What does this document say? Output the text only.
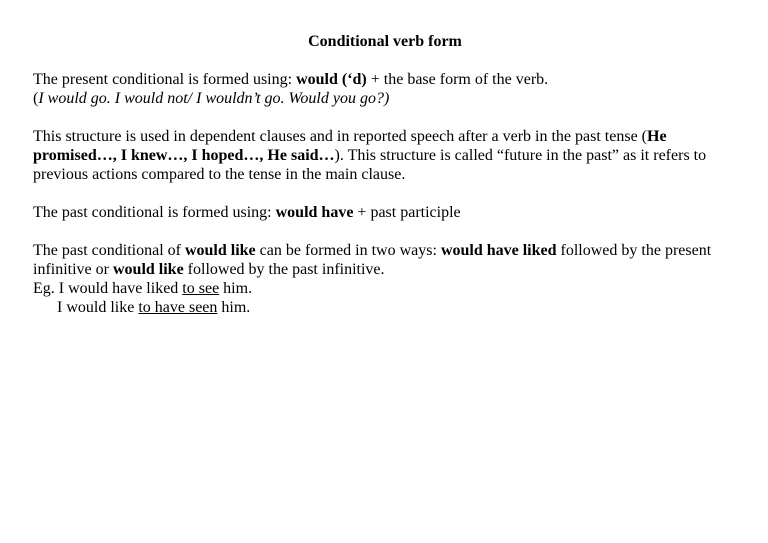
Conditional verb form

The present conditional is formed using: would (‘d) + the base form of the verb.
(I would go. I would not/ I wouldn’t go. Would you go?)

This structure is used in dependent clauses and in reported speech after a verb in the past tense (He promised…, I knew…, I hoped…, He said…). This structure is called “future in the past” as it refers to previous actions compared to the tense in the main clause.

The past conditional is formed using: would have + past participle

The past conditional of would like can be formed in two ways: would have liked followed by the present infinitive or would like followed by the past infinitive.

Eg. I would have liked to see him.
I would like to have seen him.
